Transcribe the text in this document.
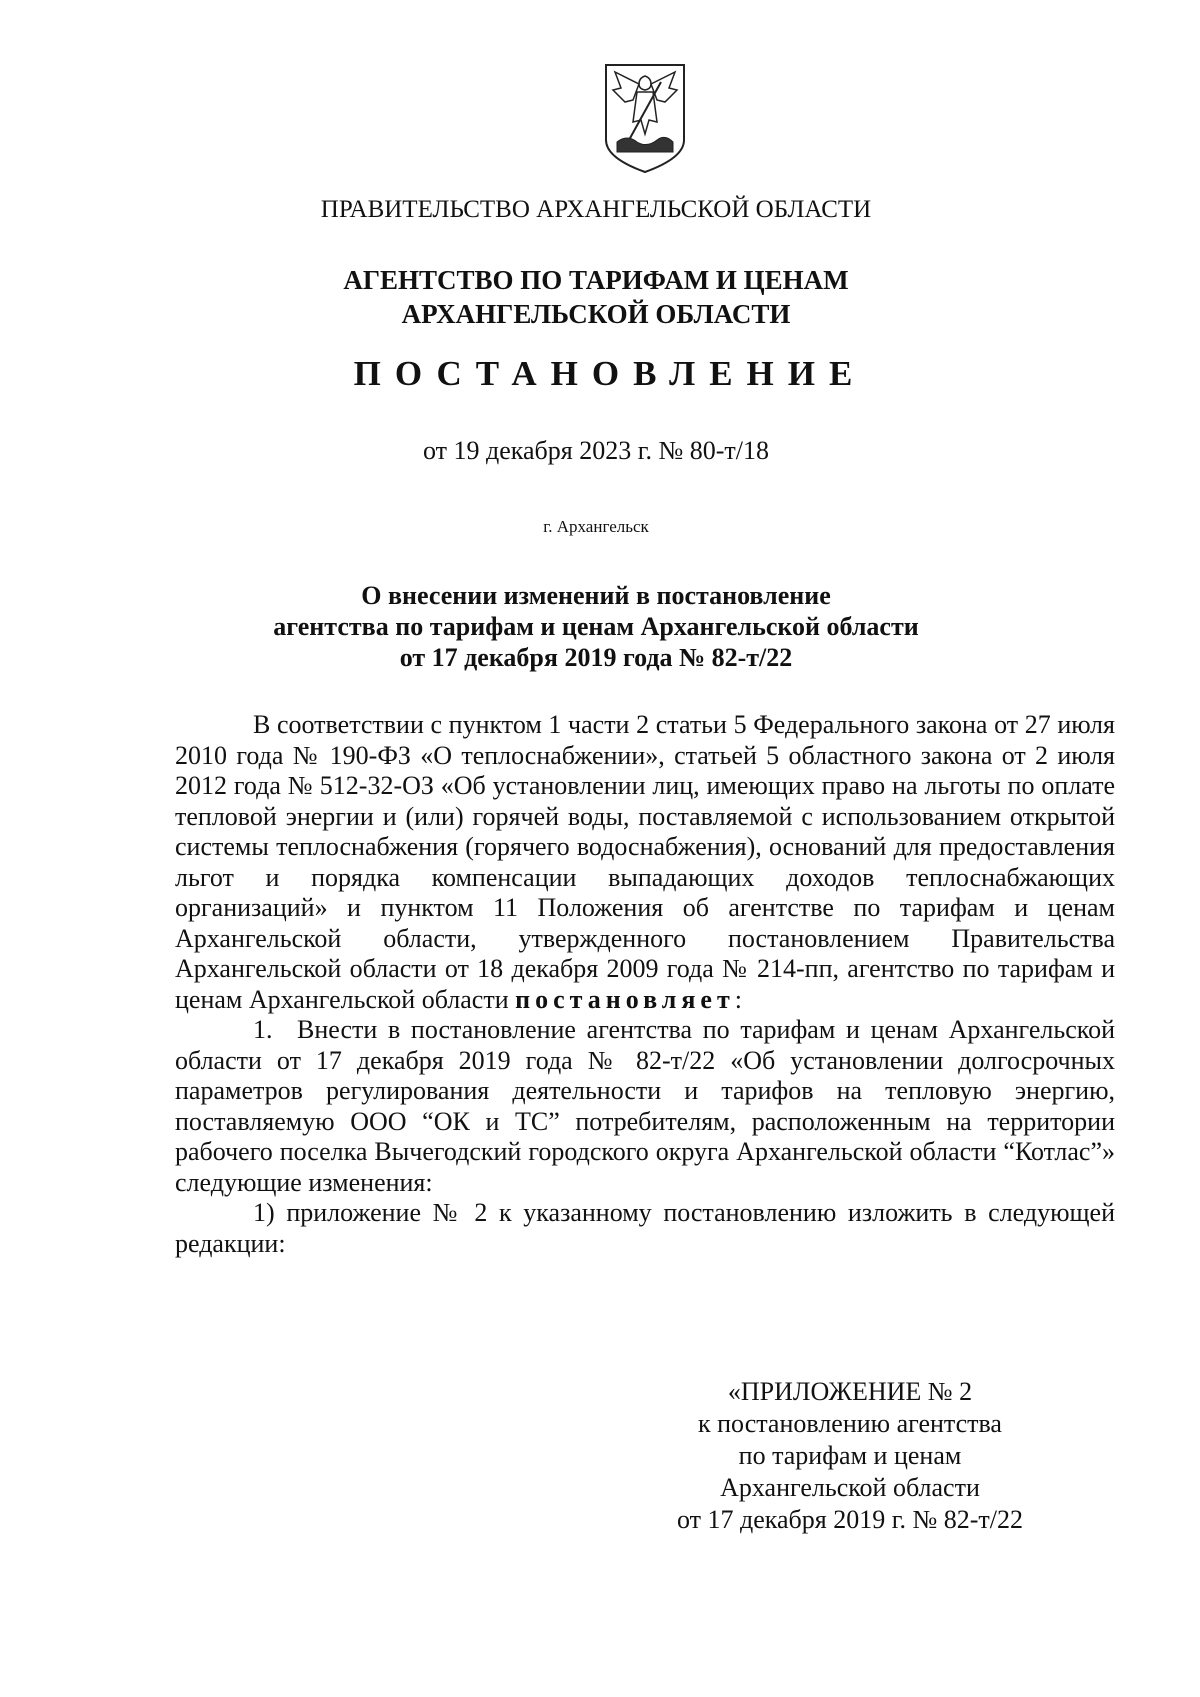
ПРАВИТЕЛЬСТВО АРХАНГЕЛЬСКОЙ ОБЛАСТИ
АГЕНТСТВО ПО ТАРИФАМ И ЦЕНАМ
АРХАНГЕЛЬСКОЙ ОБЛАСТИ
ПОСТАНОВЛЕНИЕ
от 19 декабря 2023 г. № 80-т/18
г. Архангельск
О внесении изменений в постановление
агентства по тарифам и ценам Архангельской области
от 17 декабря 2019 года № 82-т/22

В соответствии с пунктом 1 части 2 статьи 5 Федерального закона от 27 июля 2010 года № 190-ФЗ «О теплоснабжении», статьей 5 областного закона от 2 июля 2012 года № 512-32-ОЗ «Об установлении лиц, имеющих право на льготы по оплате тепловой энергии и (или) горячей воды, поставляемой с использованием открытой системы теплоснабжения (горячего водоснабжения), оснований для предоставления льгот и порядка компенсации выпадающих доходов теплоснабжающих организаций» и пунктом 11 Положения об агентстве по тарифам и ценам Архангельской области, утвержденного постановлением Правительства Архангельской области от 18 декабря 2009 года № 214-пп, агентство по тарифам и ценам Архангельской области постановляет:

1. Внести в постановление агентства по тарифам и ценам Архангельской области от 17 декабря 2019 года № 82-т/22 «Об установлении долгосрочных параметров регулирования деятельности и тарифов на тепловую энергию, поставляемую ООО “ОК и ТС” потребителям, расположенным на территории рабочего поселка Вычегодский городского округа Архангельской области “Котлас”» следующие изменения:

1) приложение № 2 к указанному постановлению изложить в следующей редакции:

«ПРИЛОЖЕНИЕ № 2
к постановлению агентства
по тарифам и ценам
Архангельской области
от 17 декабря 2019 г. № 82-т/22
